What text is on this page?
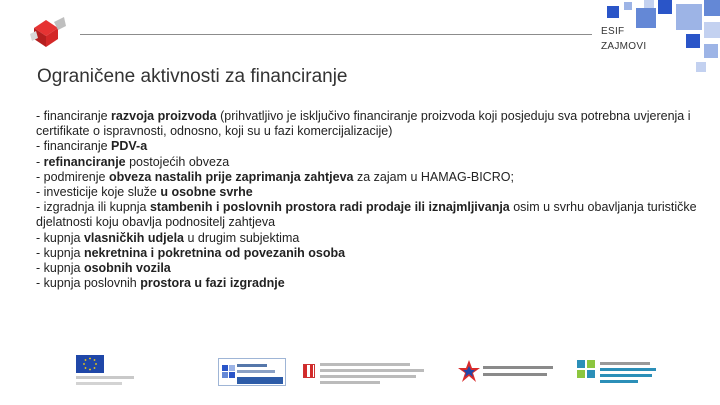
ESIF
ZAJMOVI
Ograničene aktivnosti za financiranje

- financiranje razvoja proizvoda (prihvatljivo je isključivo financiranje proizvoda koji posjeduju sva potrebna uvjerenja i certifikate o ispravnosti, odnosno, koji su u fazi komercijalizacije)

- financiranje PDV-a

- refinanciranje postojećih obveza

- podmirenje obveza nastalih prije zaprimanja zahtjeva za zajam u HAMAG-BICRO;

- investicije koje služe u osobne svrhe

- izgradnja ili kupnja stambenih i poslovnih prostora radi prodaje ili iznajmljivanja osim u svrhu obavljanja turističke djelatnosti koju obavlja podnositelj zahtjeva

- kupnja vlasničkih udjela u drugim subjektima

- kupnja nekretnina i pokretnina od povezanih osoba

- kupnja osobnih vozila

- kupnja poslovnih prostora u fazi izgradnje
